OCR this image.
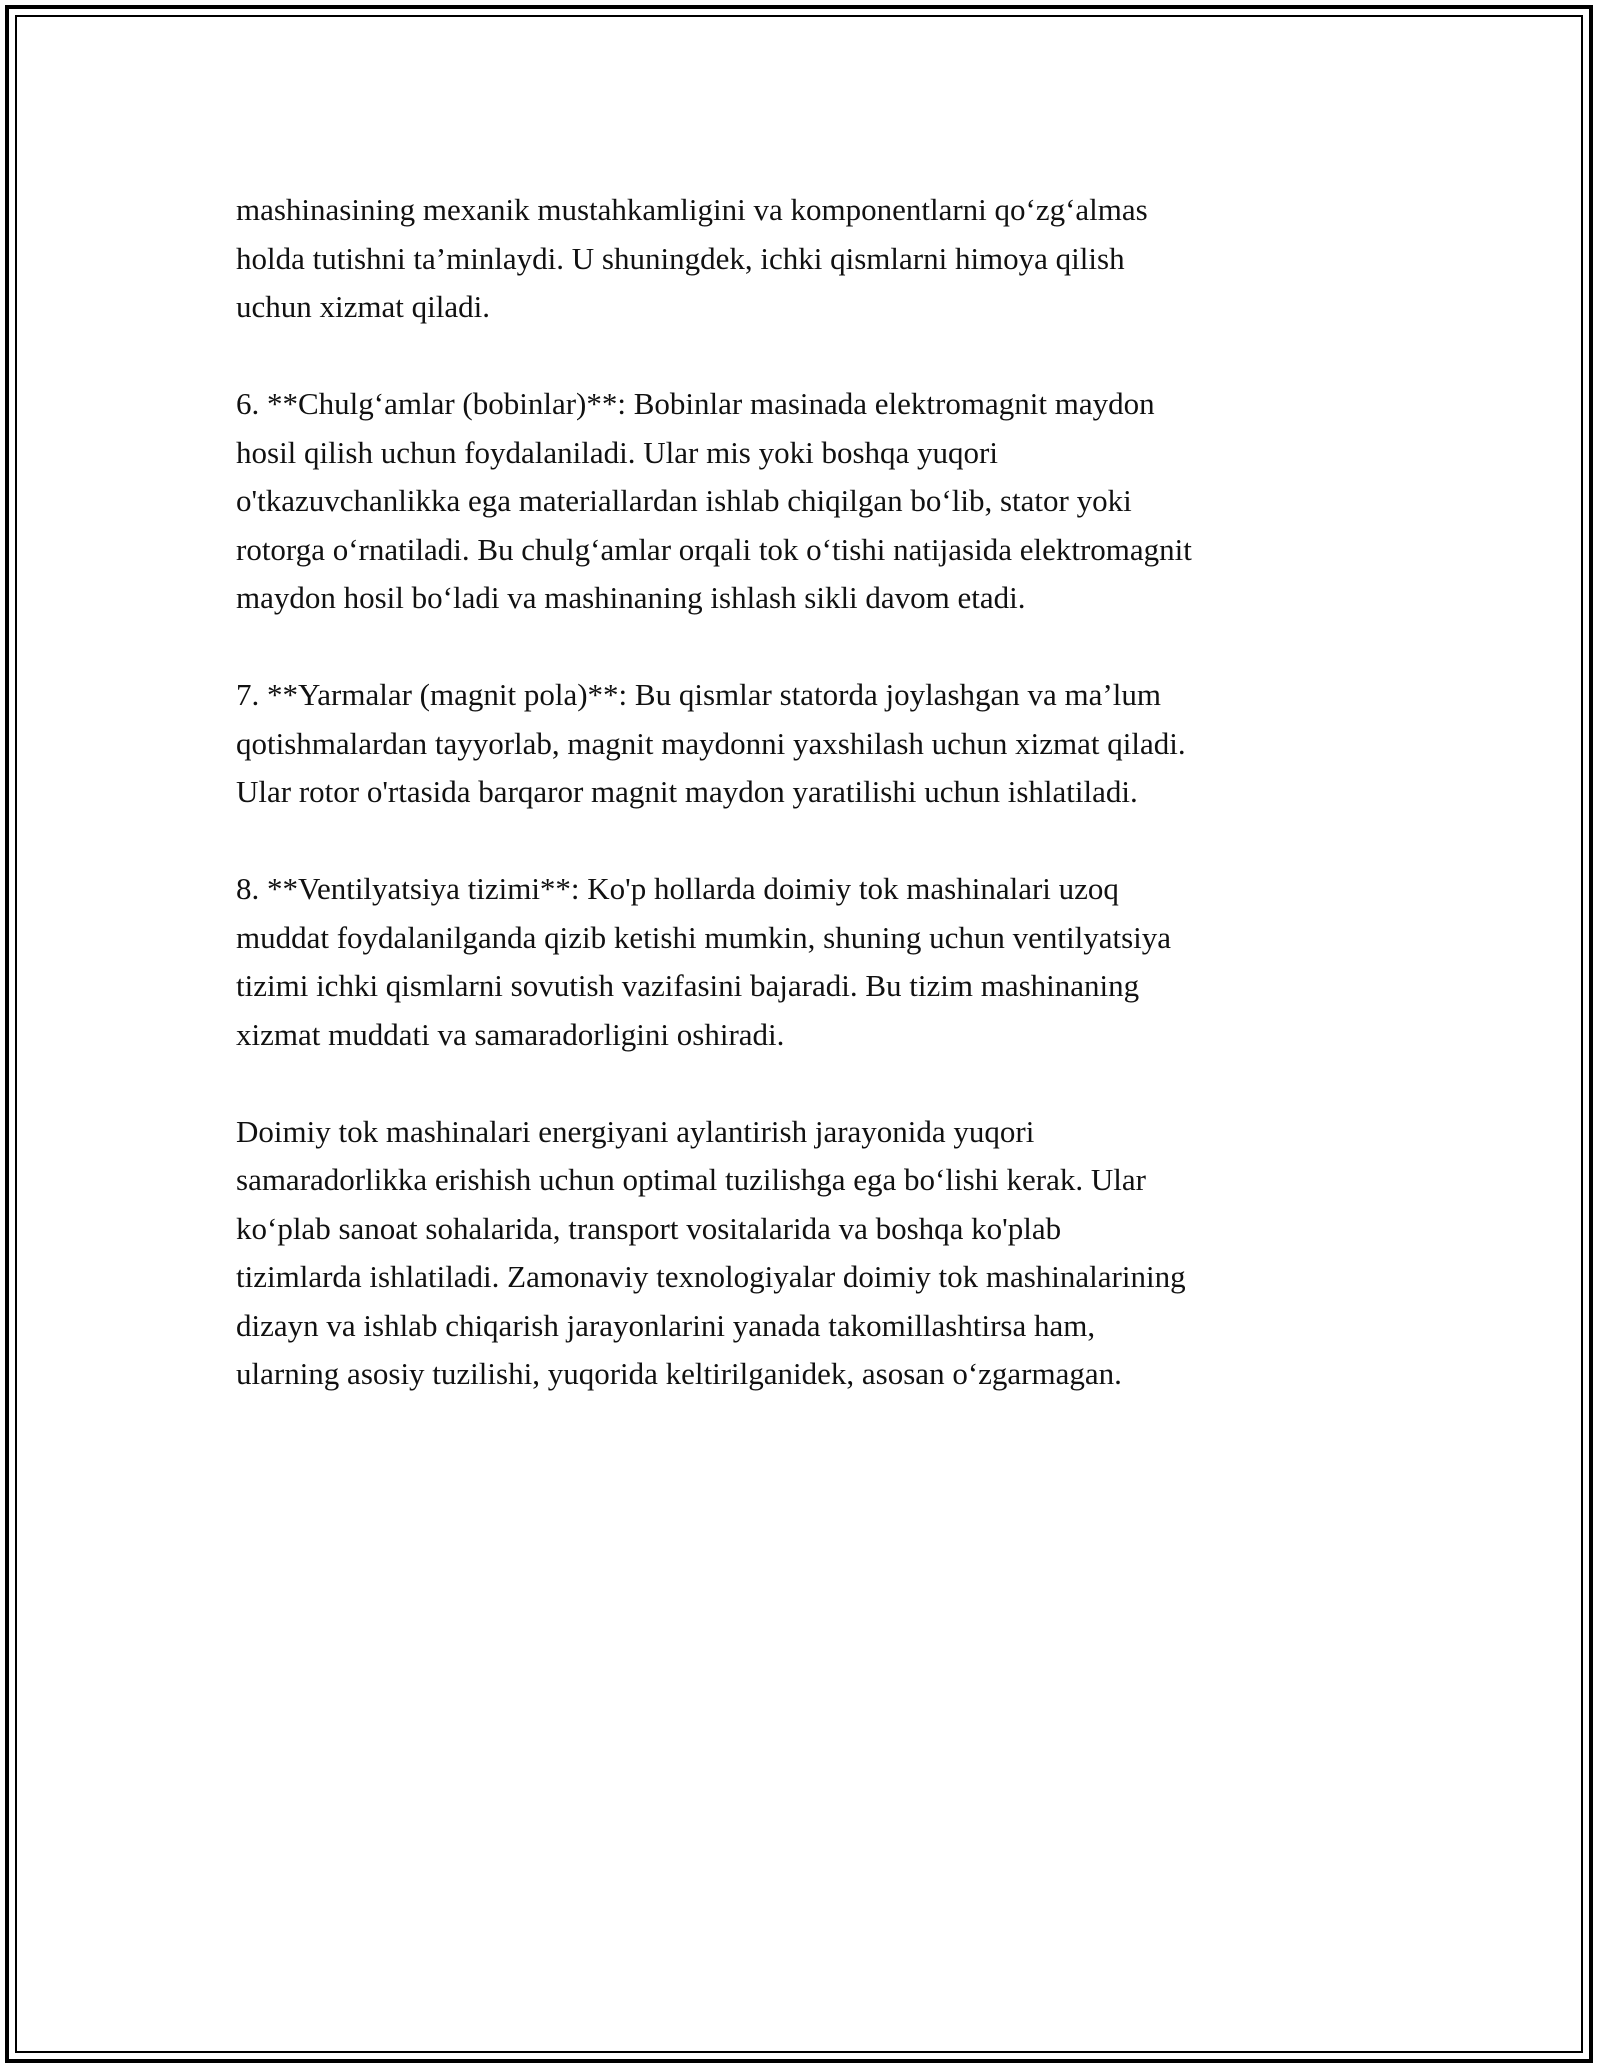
mashinasining mexanik mustahkamligini va komponentlarni qo‘zg‘almas
holda tutishni ta’minlaydi. U shuningdek, ichki qismlarni himoya qilish
uchun xizmat qiladi.

6. **Chulg‘amlar (bobinlar)**: Bobinlar masinada elektromagnit maydon
hosil qilish uchun foydalaniladi. Ular mis yoki boshqa yuqori
o'tkazuvchanlikka ega materiallardan ishlab chiqilgan bo‘lib, stator yoki
rotorga o‘rnatiladi. Bu chulg‘amlar orqali tok o‘tishi natijasida elektromagnit
maydon hosil bo‘ladi va mashinaning ishlash sikli davom etadi.

7. **Yarmalar (magnit pola)**: Bu qismlar statorda joylashgan va ma’lum
qotishmalardan tayyorlab, magnit maydonni yaxshilash uchun xizmat qiladi.
Ular rotor o'rtasida barqaror magnit maydon yaratilishi uchun ishlatiladi.

8. **Ventilyatsiya tizimi**: Ko'p hollarda doimiy tok mashinalari uzoq
muddat foydalanilganda qizib ketishi mumkin, shuning uchun ventilyatsiya
tizimi ichki qismlarni sovutish vazifasini bajaradi. Bu tizim mashinaning
xizmat muddati va samaradorligini oshiradi.

Doimiy tok mashinalari energiyani aylantirish jarayonida yuqori
samaradorlikka erishish uchun optimal tuzilishga ega bo‘lishi kerak. Ular
ko‘plab sanoat sohalarida, transport vositalarida va boshqa ko'plab
tizimlarda ishlatiladi. Zamonaviy texnologiyalar doimiy tok mashinalarining
dizayn va ishlab chiqarish jarayonlarini yanada takomillashtirsa ham,
ularning asosiy tuzilishi, yuqorida keltirilganidek, asosan o‘zgarmagan.
